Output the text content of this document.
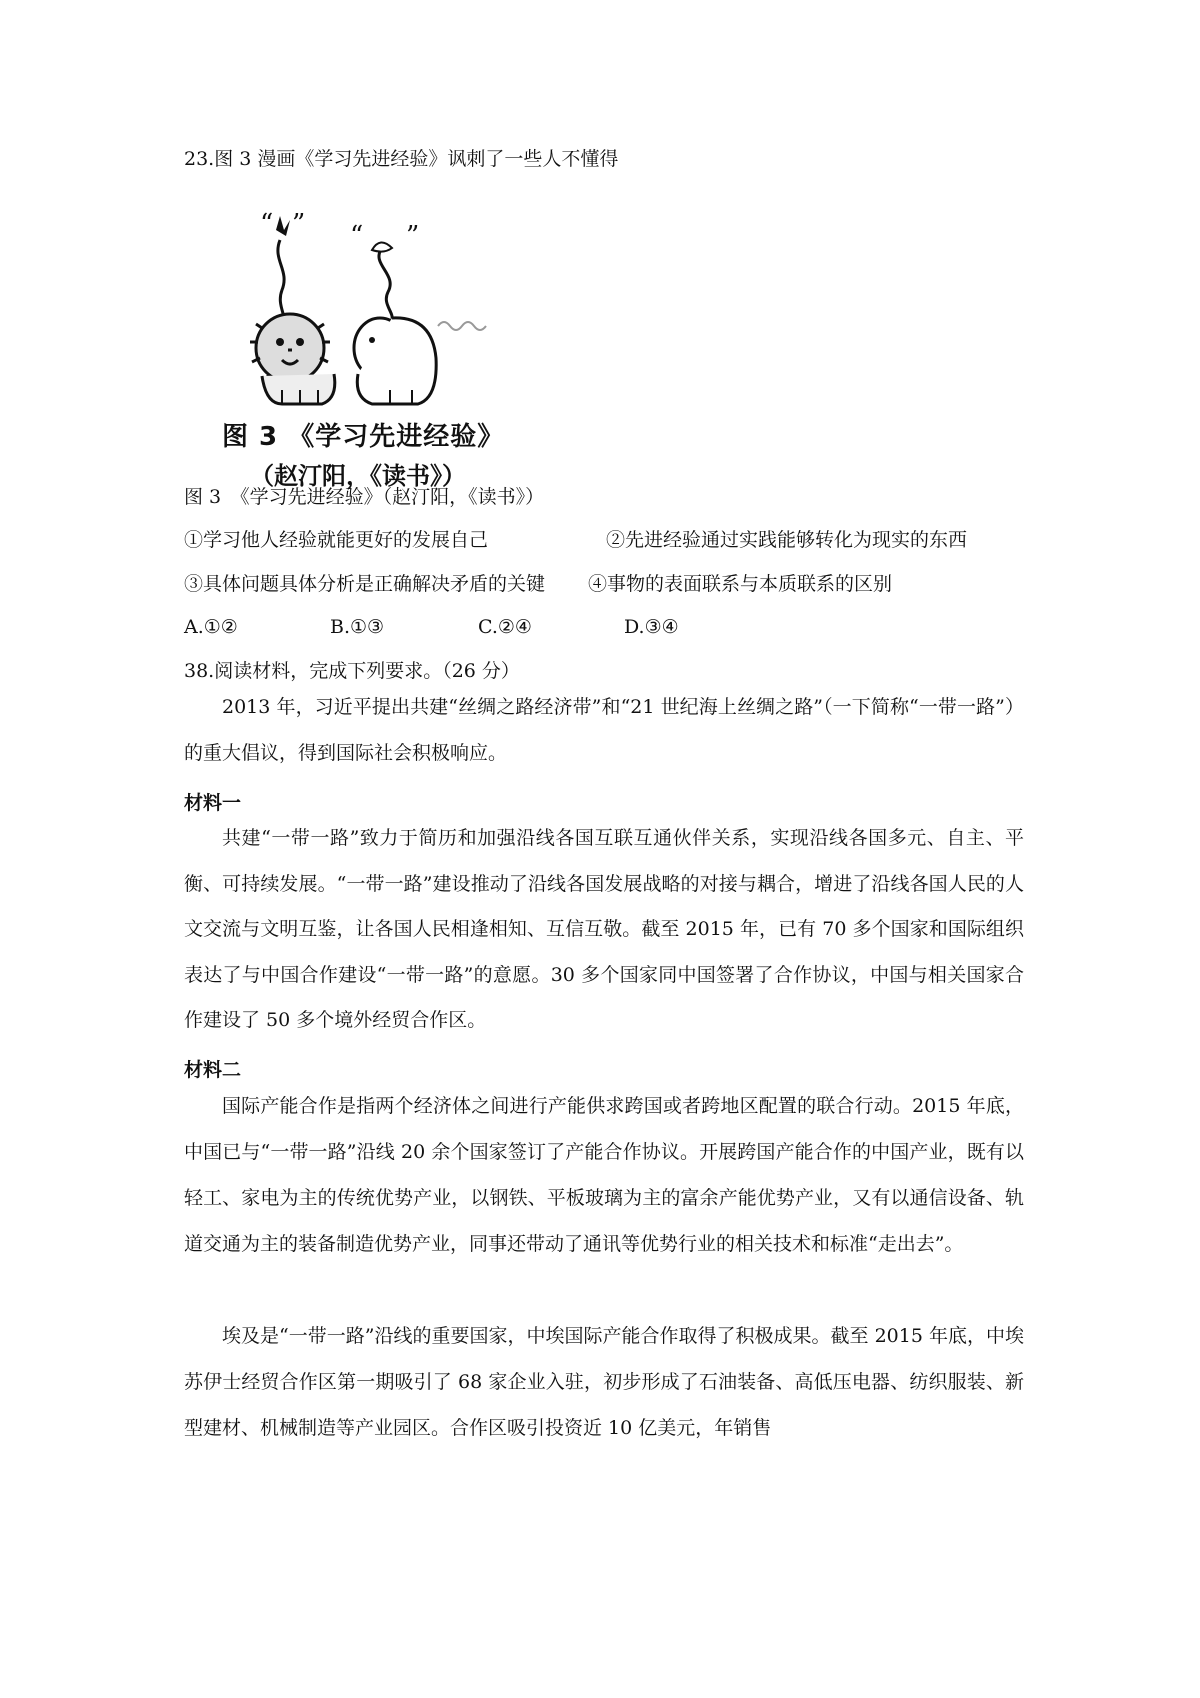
23.图 3 漫画《学习先进经验》讽刺了一些人不懂得
“ ” “ ”
图 3 《学习先进经验》
（赵汀阳，《读书》）
图 3　《学习先进经验》（赵汀阳，《读书》）
①学习他人经验就能更好的发展自己	②先进经验通过实践能够转化为现实的东西
③具体问题具体分析是正确解决矛盾的关键 ④事物的表面联系与本质联系的区别
A.①②	B.①③	C.②④	D.③④
38.阅读材料，完成下列要求。（26 分）

2013 年，习近平提出共建“丝绸之路经济带”和“21 世纪海上丝绸之路”（一下简称“一带一路”）的重大倡议，得到国际社会积极响应。

材料一

共建“一带一路”致力于简历和加强沿线各国互联互通伙伴关系，实现沿线各国多元、自主、平衡、可持续发展。“一带一路”建设推动了沿线各国发展战略的对接与耦合，增进了沿线各国人民的人文交流与文明互鉴，让各国人民相逢相知、互信互敬。截至 2015 年，已有 70 多个国家和国际组织表达了与中国合作建设“一带一路”的意愿。30 多个国家同中国签署了合作协议，中国与相关国家合作建设了 50 多个境外经贸合作区。

材料二

国际产能合作是指两个经济体之间进行产能供求跨国或者跨地区配置的联合行动。2015 年底，中国已与“一带一路”沿线 20 余个国家签订了产能合作协议。开展跨国产能合作的中国产业，既有以轻工、家电为主的传统优势产业，以钢铁、平板玻璃为主的富余产能优势产业，又有以通信设备、轨道交通为主的装备制造优势产业，同事还带动了通讯等优势行业的相关技术和标准“走出去”。

埃及是“一带一路”沿线的重要国家，中埃国际产能合作取得了积极成果。截至 2015 年底，中埃苏伊士经贸合作区第一期吸引了 68 家企业入驻，初步形成了石油装备、高低压电器、纺织服装、新型建材、机械制造等产业园区。合作区吸引投资近 10 亿美元，年销售
